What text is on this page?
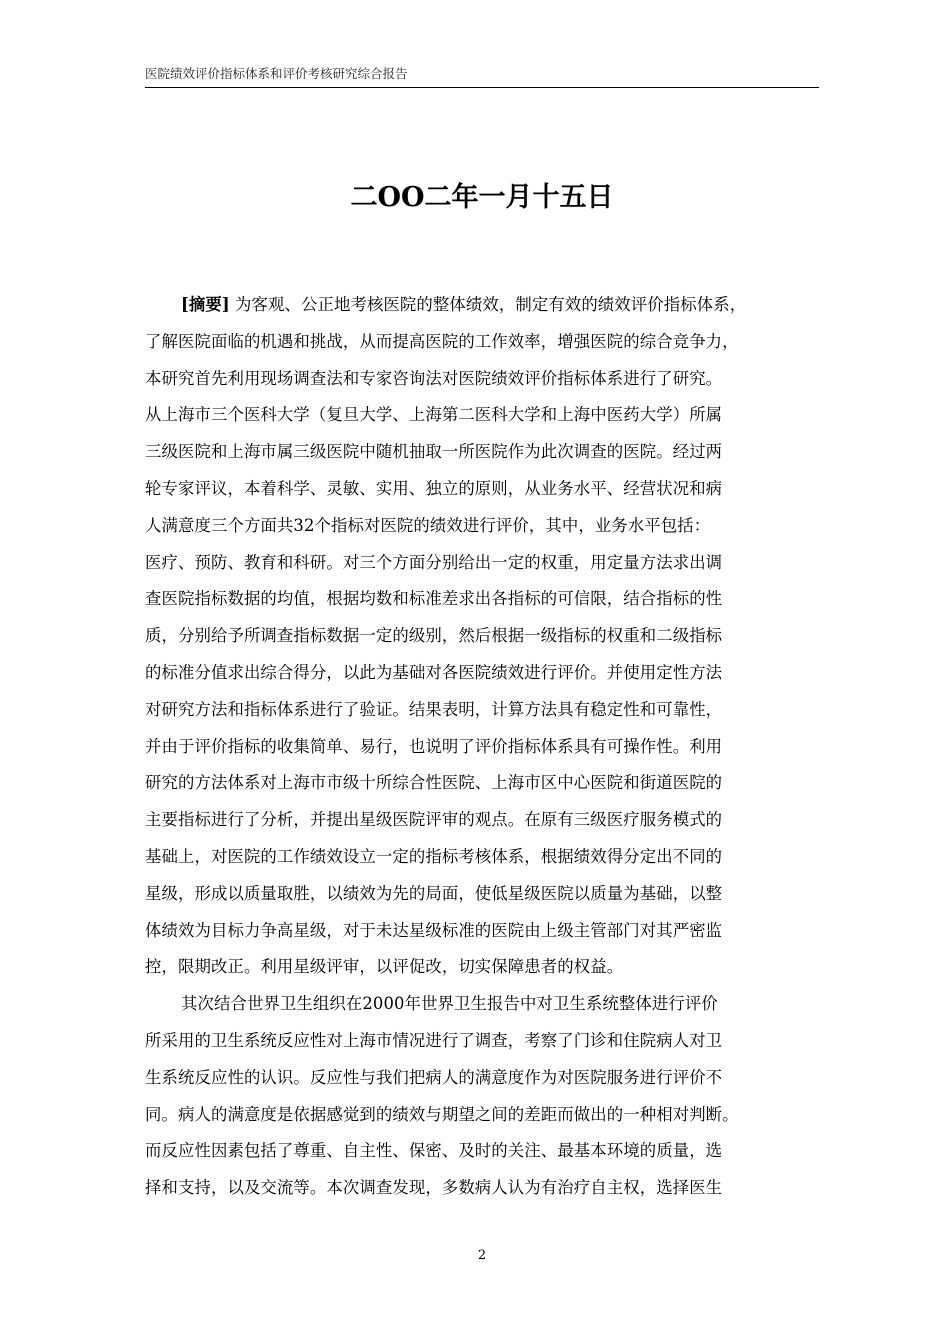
医院绩效评价指标体系和评价考核研究综合报告
二OO二年一月十五日
[摘要] 为客观、公正地考核医院的整体绩效，制定有效的绩效评价指标体系，
了解医院面临的机遇和挑战，从而提高医院的工作效率，增强医院的综合竞争力，
本研究首先利用现场调查法和专家咨询法对医院绩效评价指标体系进行了研究。
从上海市三个医科大学（复旦大学、上海第二医科大学和上海中医药大学）所属
三级医院和上海市属三级医院中随机抽取一所医院作为此次调查的医院。经过两
轮专家评议，本着科学、灵敏、实用、独立的原则，从业务水平、经营状况和病
人满意度三个方面共32个指标对医院的绩效进行评价，其中，业务水平包括：
医疗、预防、教育和科研。对三个方面分别给出一定的权重，用定量方法求出调
查医院指标数据的均值，根据均数和标准差求出各指标的可信限，结合指标的性
质，分别给予所调查指标数据一定的级别，然后根据一级指标的权重和二级指标
的标准分值求出综合得分，以此为基础对各医院绩效进行评价。并使用定性方法
对研究方法和指标体系进行了验证。结果表明，计算方法具有稳定性和可靠性，
并由于评价指标的收集简单、易行，也说明了评价指标体系具有可操作性。利用
研究的方法体系对上海市市级十所综合性医院、上海市区中心医院和街道医院的
主要指标进行了分析，并提出星级医院评审的观点。在原有三级医疗服务模式的
基础上，对医院的工作绩效设立一定的指标考核体系，根据绩效得分定出不同的
星级，形成以质量取胜，以绩效为先的局面，使低星级医院以质量为基础，以整
体绩效为目标力争高星级，对于未达星级标准的医院由上级主管部门对其严密监
控，限期改正。利用星级评审，以评促改，切实保障患者的权益。
其次结合世界卫生组织在2000年世界卫生报告中对卫生系统整体进行评价
所采用的卫生系统反应性对上海市情况进行了调查，考察了门诊和住院病人对卫
生系统反应性的认识。反应性与我们把病人的满意度作为对医院服务进行评价不
同。病人的满意度是依据感觉到的绩效与期望之间的差距而做出的一种相对判断。
而反应性因素包括了尊重、自主性、保密、及时的关注、最基本环境的质量，选
择和支持，以及交流等。本次调查发现，多数病人认为有治疗自主权，选择医生
2
